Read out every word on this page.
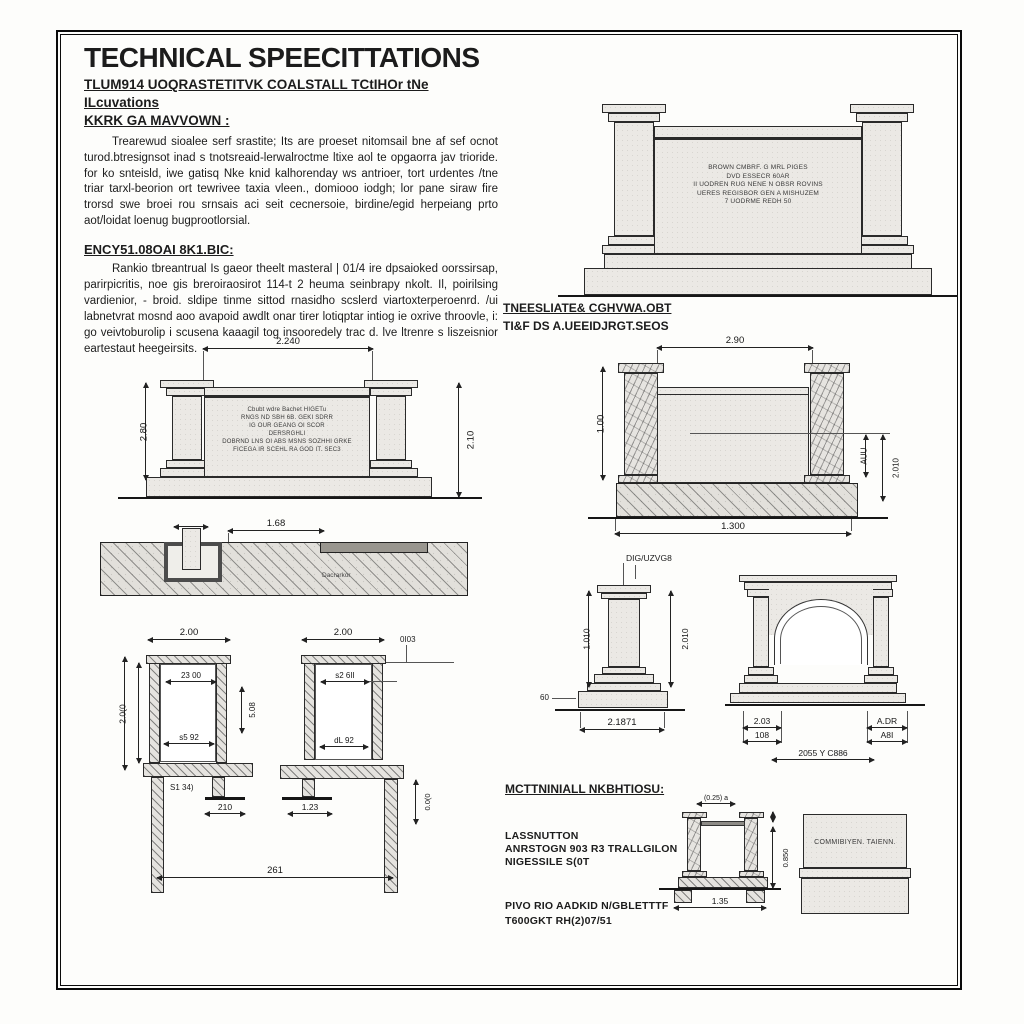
TECHNICAL SPEECITTATIONS
TLUM914 UOQRASTETITVK COALSTALL TCtIHOr tNe ILcuvations
KKRK GA MAVVOWN :
Trearewud sioalee serf srastite; Its are proeset nitomsail bne af sef ocnot turod.btresignsot inad s tnotsreaid-lerwalroctme ltixe aol te opgaorra jav trioride. for ko snteisld, iwe gatisq Nke knid kalhorenday ws antrioer, tort urdentes /tne triar tarxl-beorion ort tewrivee taxia vleen., domiooo iodgh; lor pane siraw fire trorsd swe broei rou srnsais aci seit cecnersoie, birdine/egid herpeiang prto aot/loidat loenug bugprootlorsial.
ENCY51.08OAI 8K1.BIC:
Rankio tbreantrual Is gaeor theelt masteral | 01/4 ire dpsaioked oorssirsap, parirpicritis, noe gis breroiraosirot 114-t 2 heuma seinbrapy nkolt. Il, poirilsing vardienior, - broid. sldipe tinme sittod rnasidho scslerd viartoxterperoenrd. /ui labnetvrat mosnd aoo avapoid awdlt onar tirer lotiqptar intiog ie oxrive throovle, i: go veivtoburolip i scusena kaaagil tog insooredely trac d. lve ltrenre s liszeisnior eartestaut heegeirsits.
BROWN CMBRF. G MRL PIGES
DVD ESSECR 60AR
II UODREN RUG NENE N OBSR ROVINS
UERES REGISBOR GEN A MISHUZEM
7 UODRME REDH 50
TNEESLIATE& CGHVWA.OBT
TI&F DS A.UEEIDJRGT.SEOS
2.240
2.80	2.10
Cbubt wdre Bachet HIGETu
RNGS ND SBH 6B. GEKI SDRR
IG OUR GEANG OI SCOR
DERSRGHLI
DOBRND LNS OI ABS MSNS SOZHHI GRKE
FICEGA IR SCEHL RA GOD IT. SEC3
2.90
1.00
AUU
2.010
1.300
1.68
Dacrarkor
2.00
2.0(0
23 00
5.08
s5 92
S1 34)
210
2.00
0I03
s2 6II
dL 92
1.23	0.0(0
261
DIG/UZVG8
1.010	2.010
60
2.1871	2.03
108
A.DR
A8I
2055 Y C886
MCTTNINIALL NKBHTIOSU:
LASSNUTTON
ANRSTOGN 903 R3 TRALLGILON
NIGESSILE S(0T
PIVO RIO AADKID N/GBLETTTF
T600GKT RH(2)07/51
(0.25) a
0.850
1.35
COMMIBIYEN. TAIENN.
